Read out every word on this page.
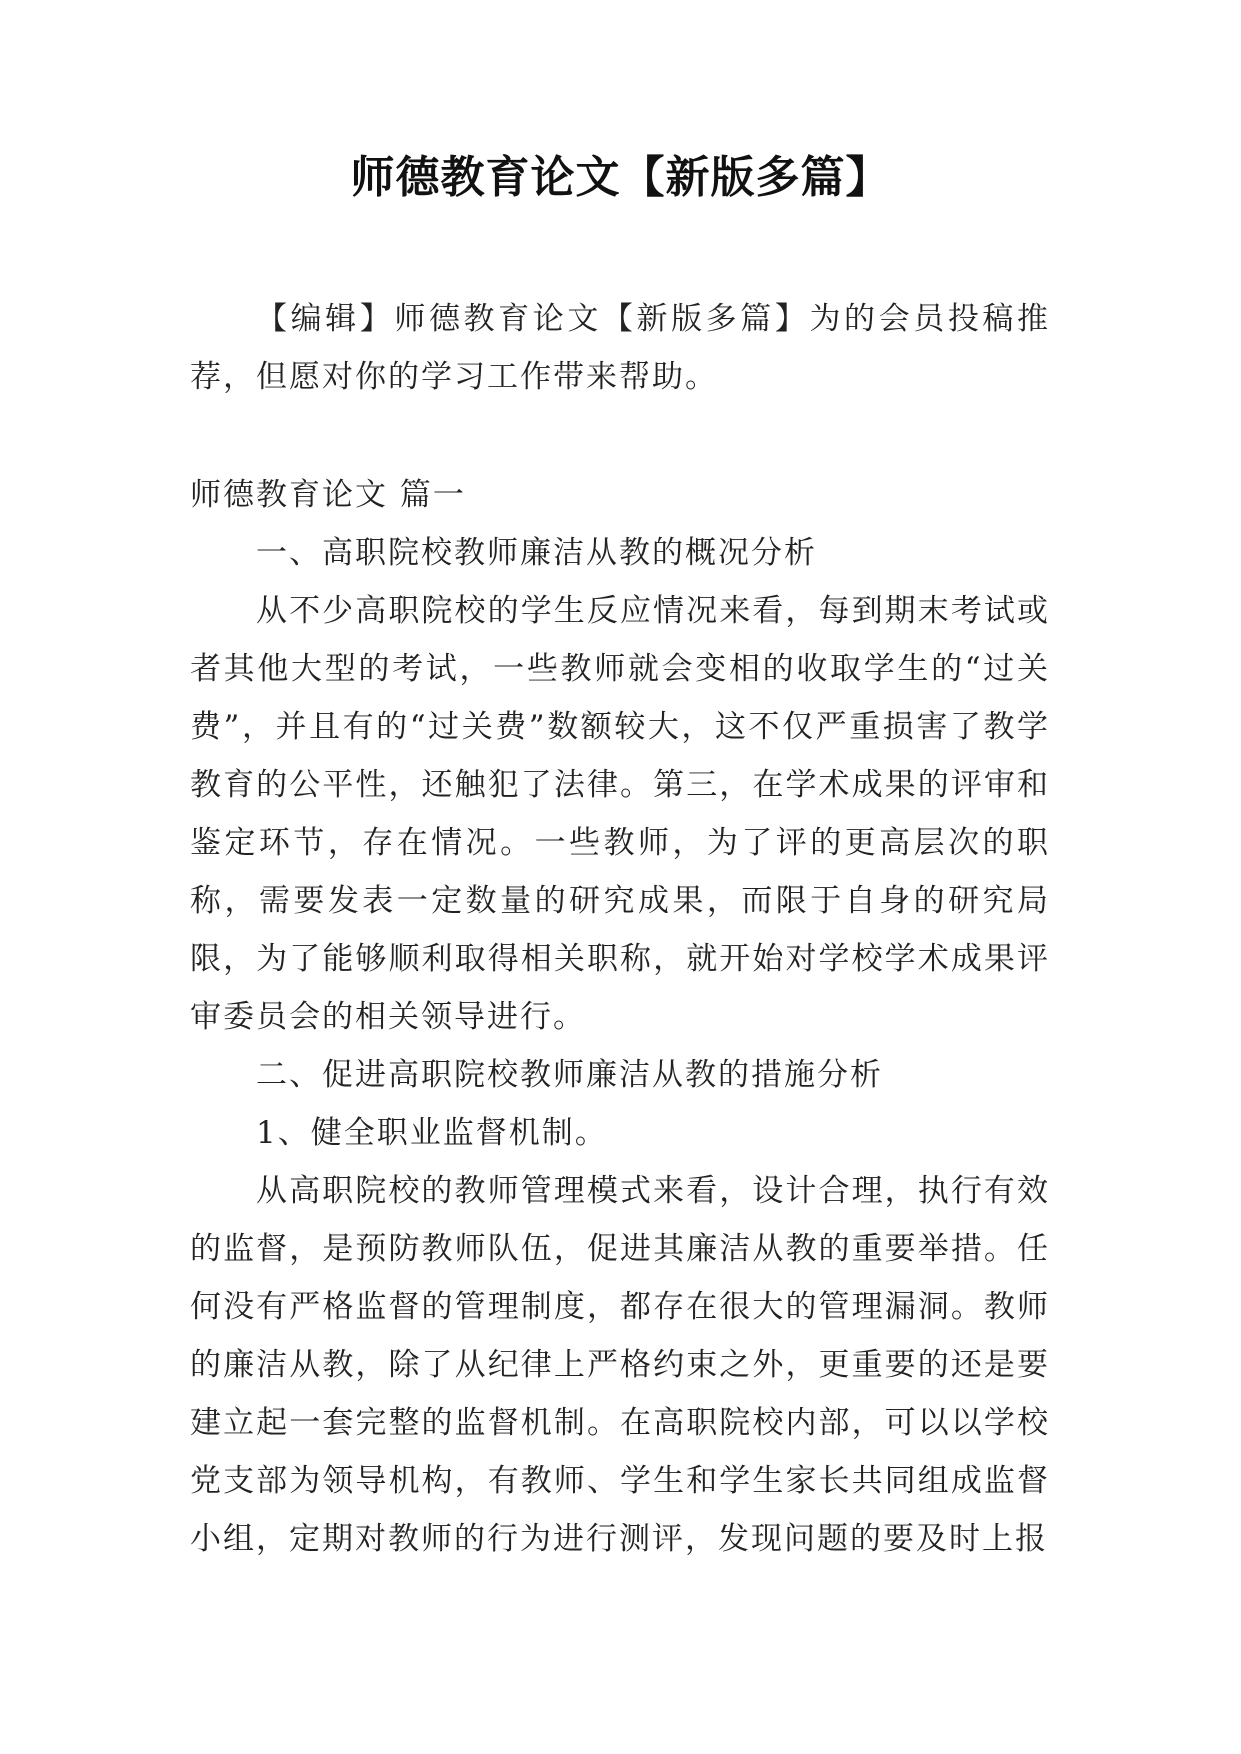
师德教育论文【新版多篇】

【编辑】师德教育论文【新版多篇】为的会员投稿推荐，但愿对你的学习工作带来帮助。

师德教育论文 篇一

一、高职院校教师廉洁从教的概况分析

从不少高职院校的学生反应情况来看，每到期末考试或者其他大型的考试，一些教师就会变相的收取学生的“过关费”，并且有的“过关费”数额较大，这不仅严重损害了教学教育的公平性，还触犯了法律。第三，在学术成果的评审和鉴定环节，存在情况。一些教师，为了评的更高层次的职称，需要发表一定数量的研究成果，而限于自身的研究局限，为了能够顺利取得相关职称，就开始对学校学术成果评审委员会的相关领导进行。

二、促进高职院校教师廉洁从教的措施分析

1、健全职业监督机制。

从高职院校的教师管理模式来看，设计合理，执行有效的监督，是预防教师队伍，促进其廉洁从教的重要举措。任何没有严格监督的管理制度，都存在很大的管理漏洞。教师的廉洁从教，除了从纪律上严格约束之外，更重要的还是要建立起一套完整的监督机制。在高职院校内部，可以以学校党支部为领导机构，有教师、学生和学生家长共同组成监督小组，定期对教师的行为进行测评，发现问题的要及时上报
